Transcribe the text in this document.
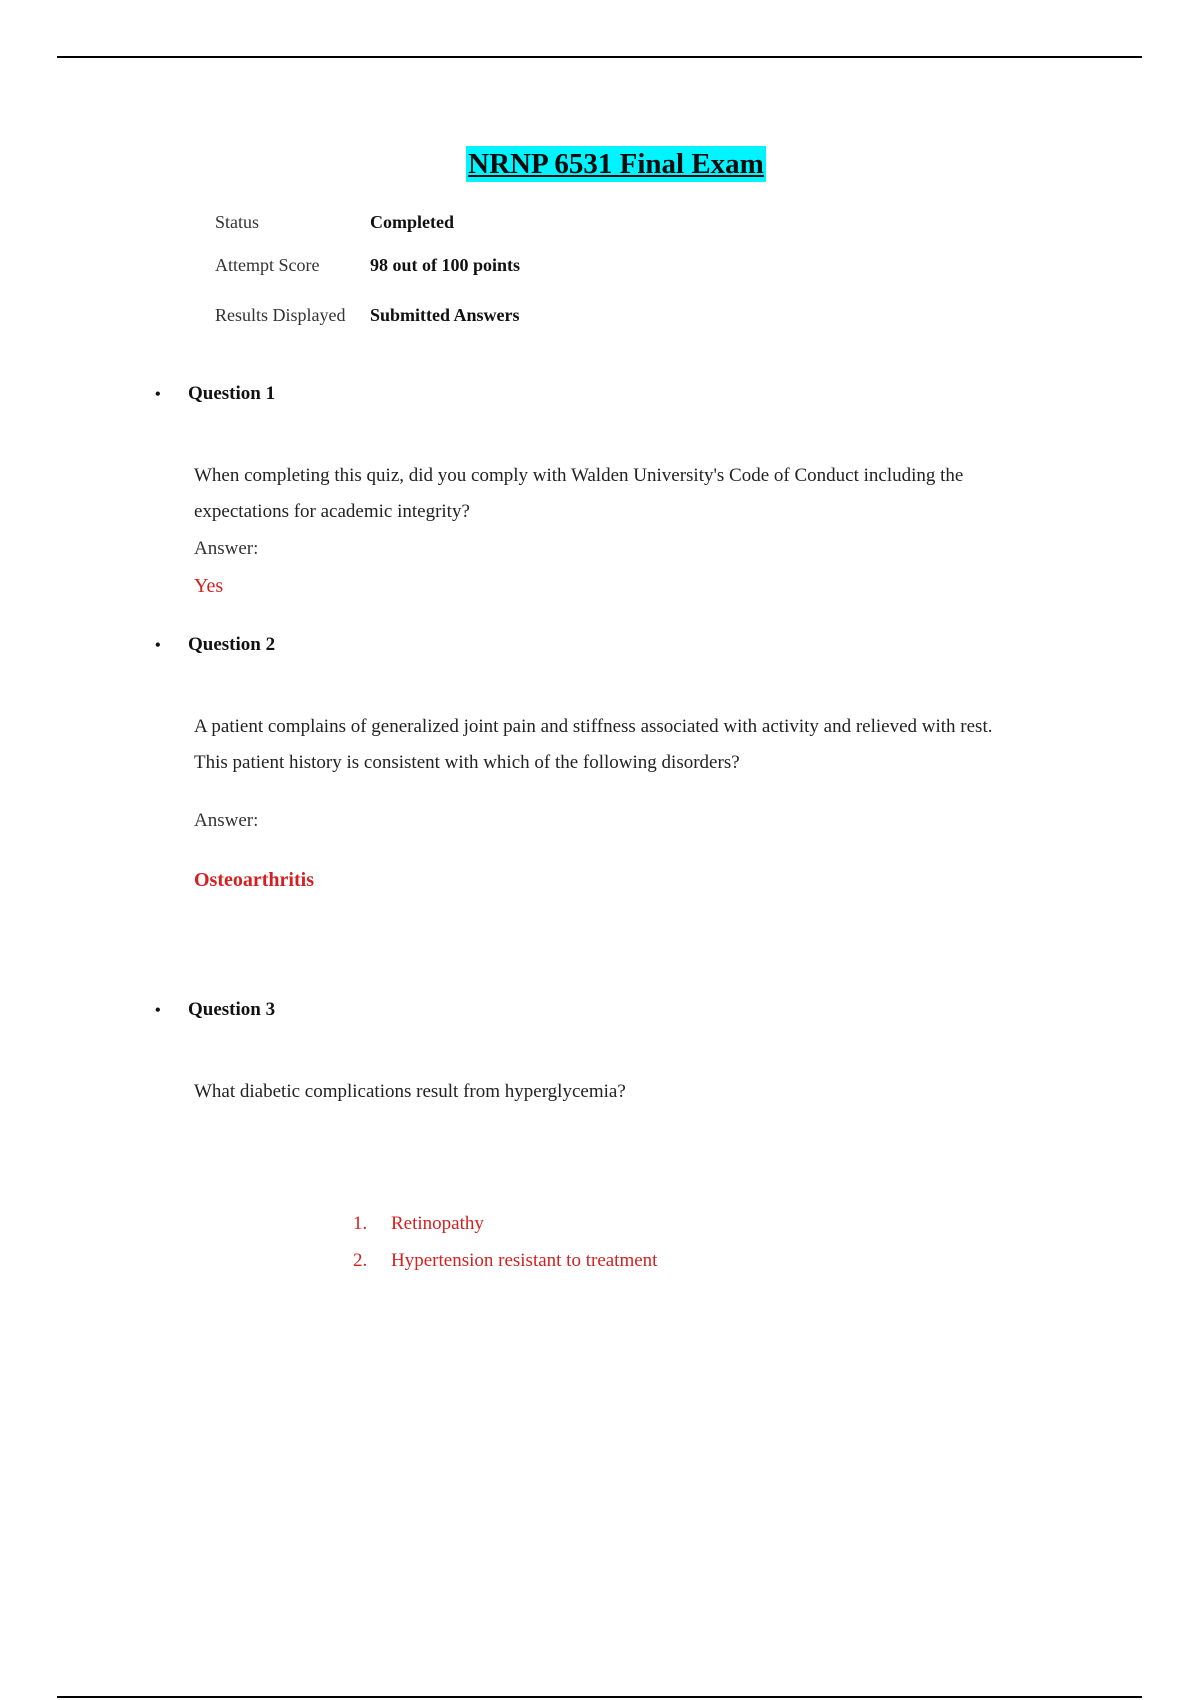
NRNP 6531 Final Exam
Status	Completed
Attempt Score	98 out of 100 points
Results Displayed Submitted Answers
• Question 1
When completing this quiz, did you comply with Walden University's Code of Conduct including the expectations for academic integrity?
Answer:
Yes
• Question 2
A patient complains of generalized joint pain and stiffness associated with activity and relieved with rest. This patient history is consistent with which of the following disorders?
Answer:
Osteoarthritis
• Question 3
What diabetic complications result from hyperglycemia?
1. Retinopathy
2. Hypertension resistant to treatment
